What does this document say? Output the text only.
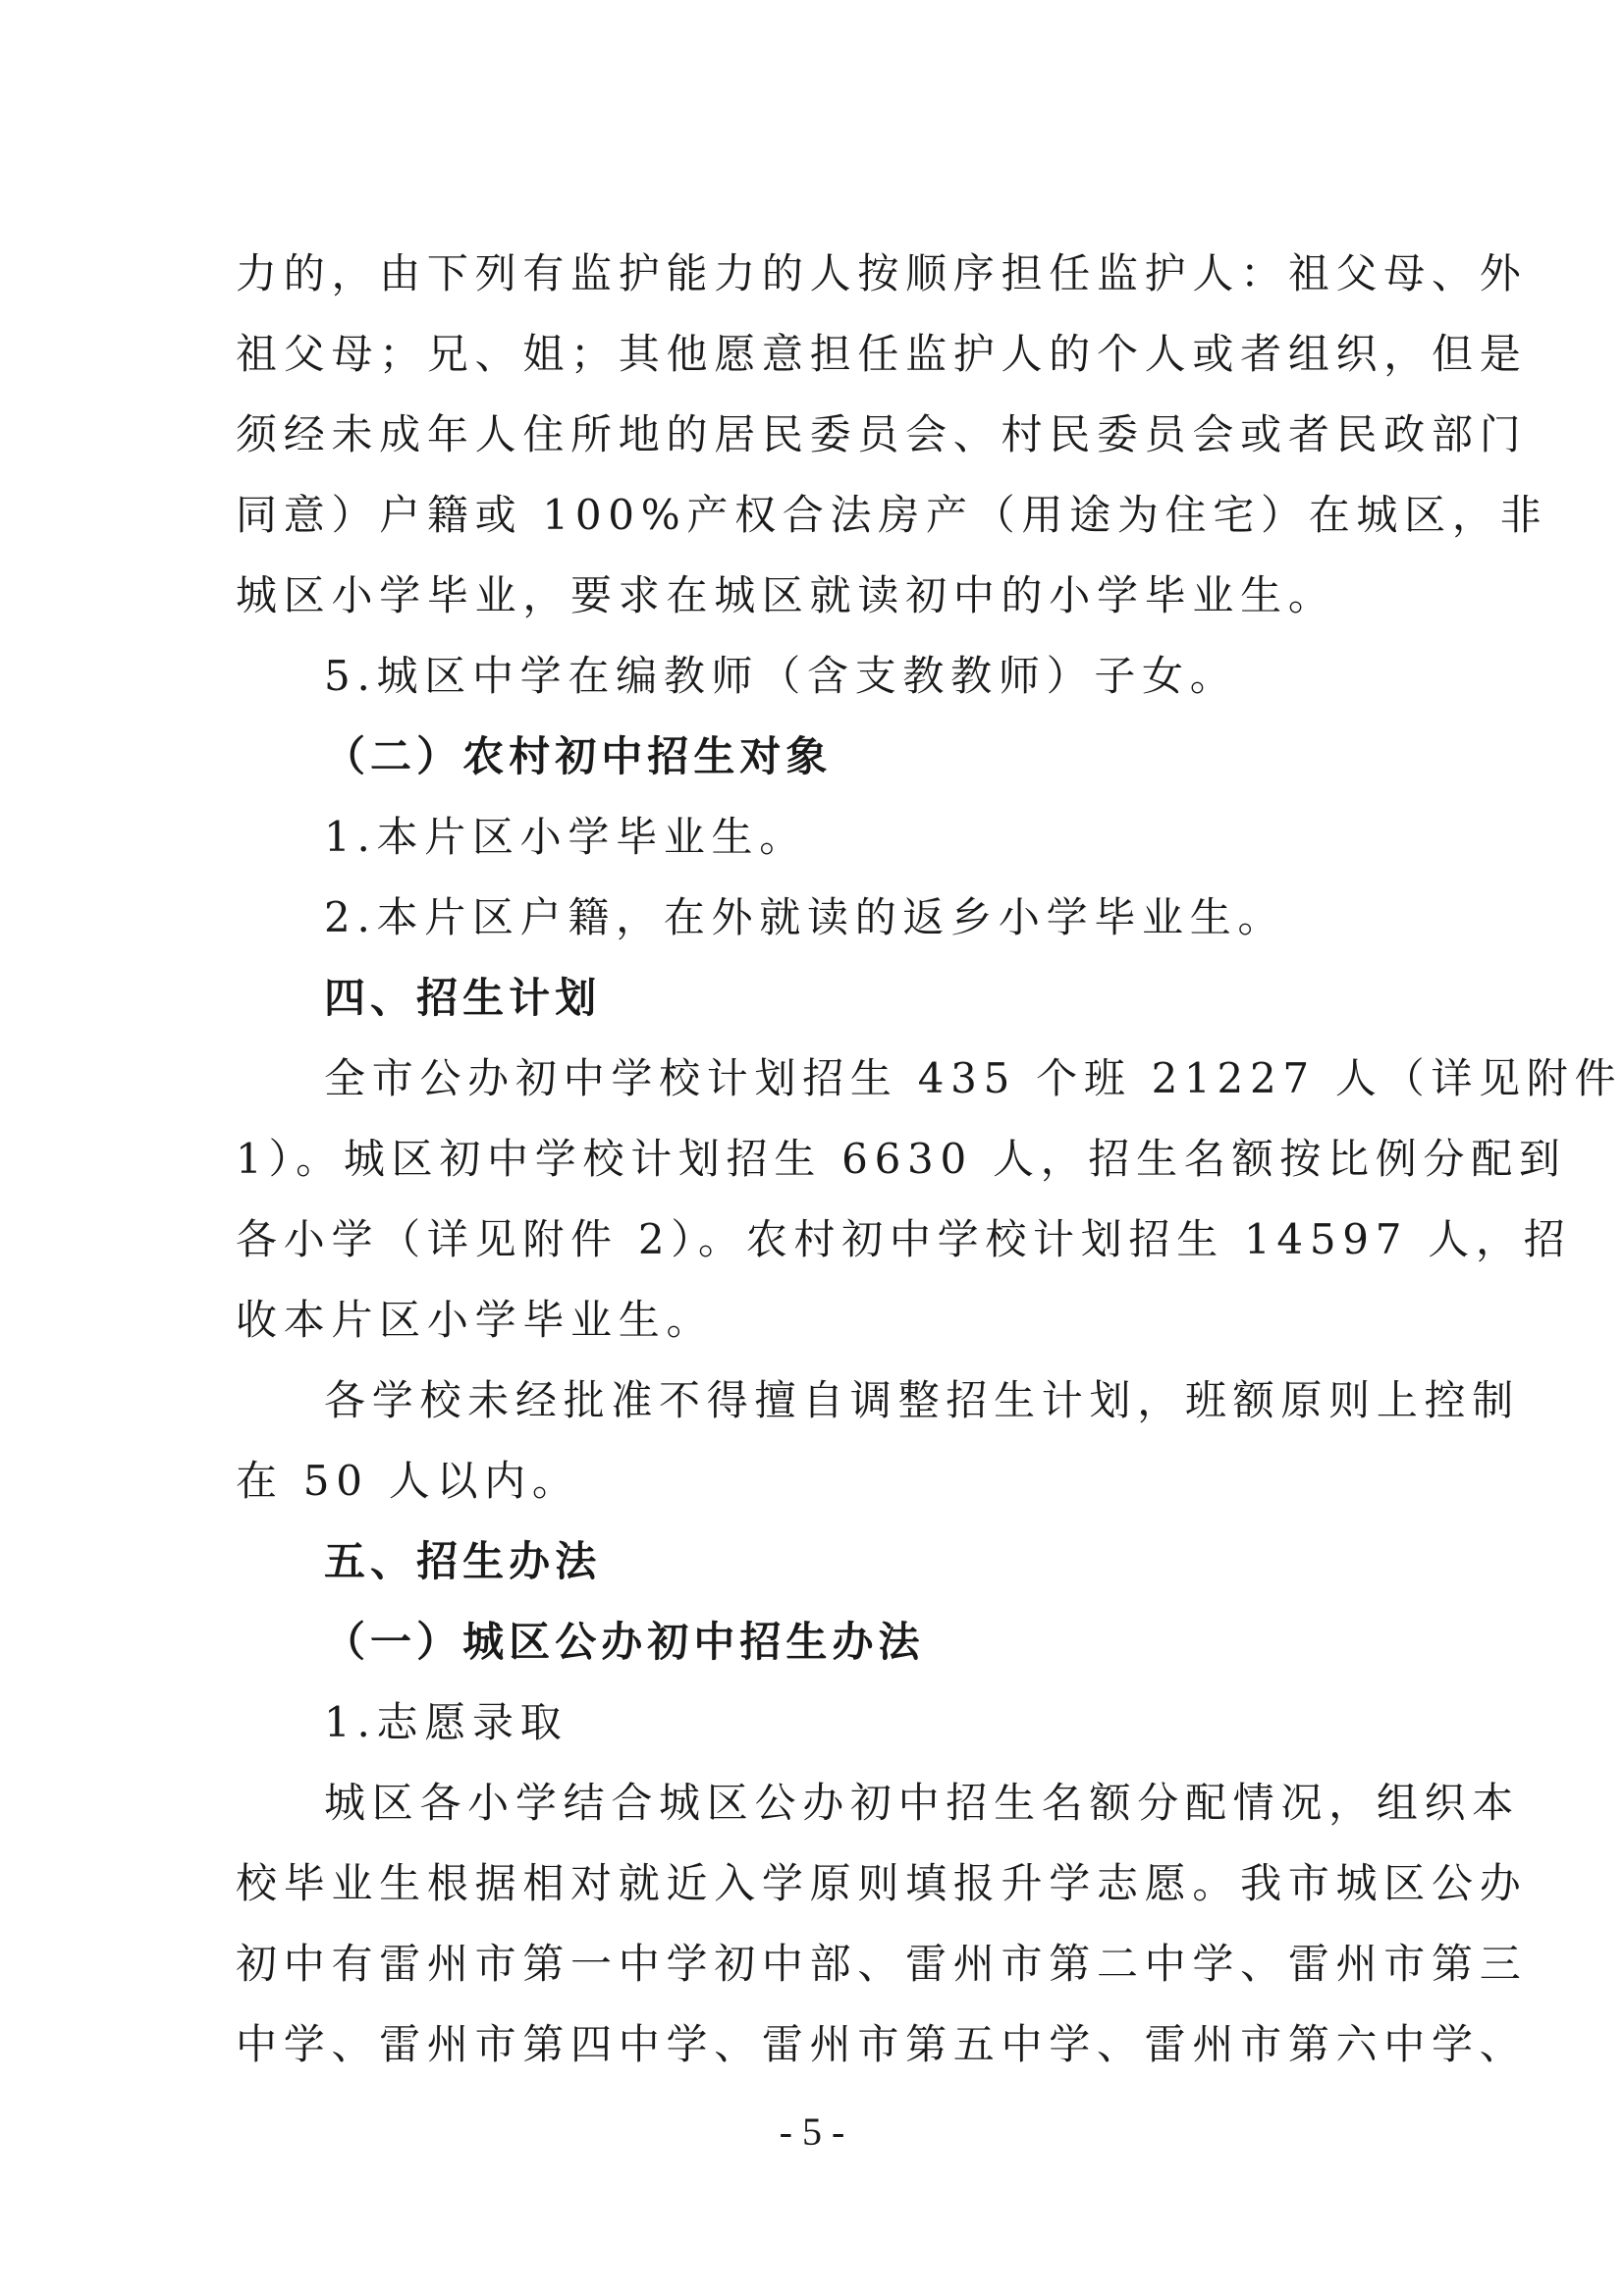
力的，由下列有监护能力的人按顺序担任监护人：祖父母、外
祖父母；兄、姐；其他愿意担任监护人的个人或者组织，但是
须经未成年人住所地的居民委员会、村民委员会或者民政部门
同意）户籍或 100%产权合法房产（用途为住宅）在城区，非
城区小学毕业，要求在城区就读初中的小学毕业生。
5.城区中学在编教师（含支教教师）子女。
（二）农村初中招生对象
1.本片区小学毕业生。
2.本片区户籍，在外就读的返乡小学毕业生。
四、招生计划
全市公办初中学校计划招生 435 个班 21227 人（详见附件
1）。城区初中学校计划招生 6630 人，招生名额按比例分配到
各小学（详见附件 2）。农村初中学校计划招生 14597 人，招
收本片区小学毕业生。
各学校未经批准不得擅自调整招生计划，班额原则上控制
在 50 人以内。
五、招生办法
（一）城区公办初中招生办法
1.志愿录取
城区各小学结合城区公办初中招生名额分配情况，组织本
校毕业生根据相对就近入学原则填报升学志愿。我市城区公办
初中有雷州市第一中学初中部、雷州市第二中学、雷州市第三
中学、雷州市第四中学、雷州市第五中学、雷州市第六中学、
- 5 -
